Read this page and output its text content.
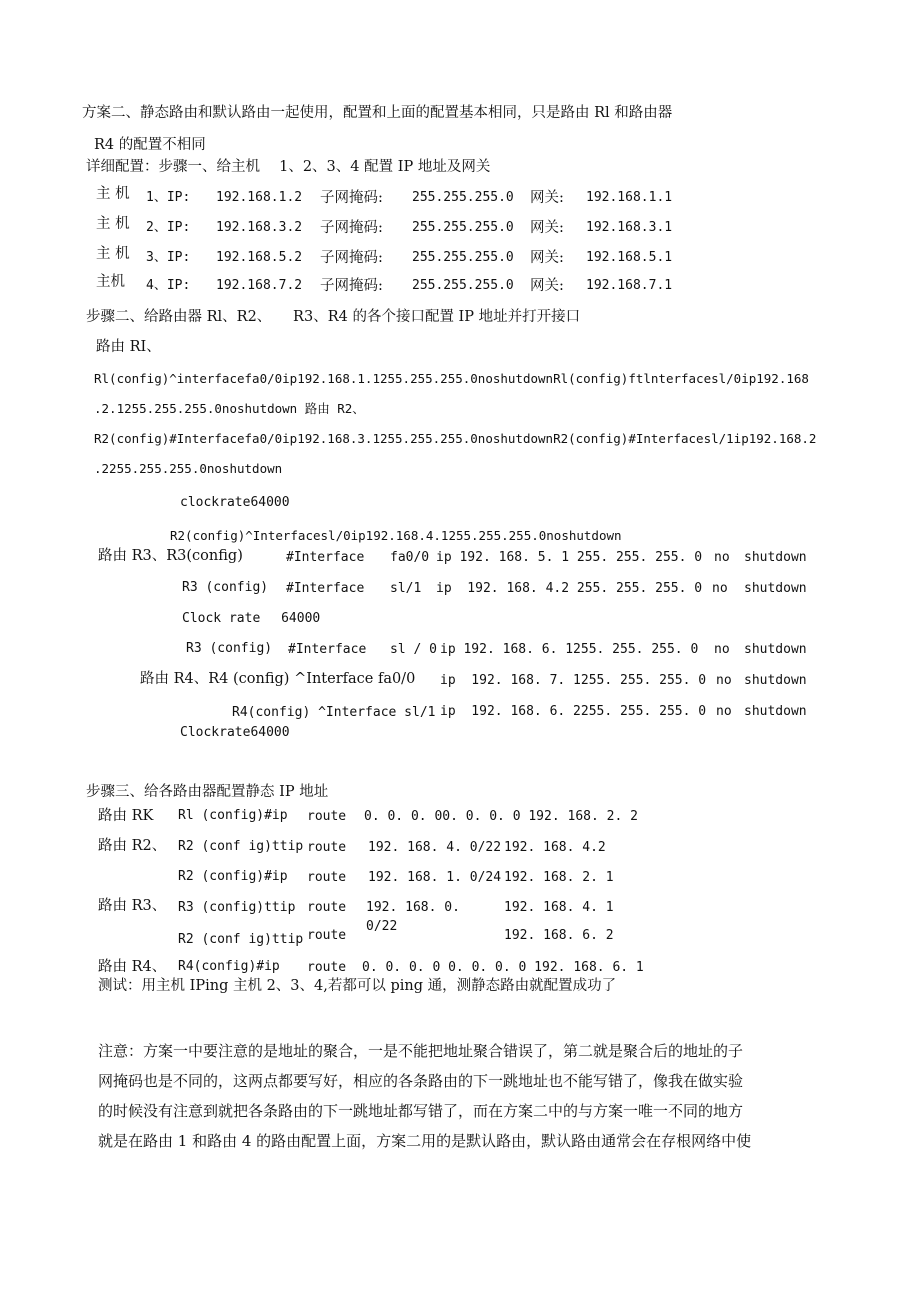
方案二、静态路由和默认路由一起使用，配置和上面的配置基本相同，只是路由 Rl 和路由器
R4 的配置不相同
详细配置：步骤一、给主机　 1、2、3、4 配置 IP 地址及网关
主 机 1、IP: 192.168.1.2 子网掩码: 255.255.255.0 网关: 192.168.1.1
主 机 2、IP: 192.168.3.2 子网掩码: 255.255.255.0 网关: 192.168.3.1
主 机 3、IP: 192.168.5.2 子网掩码: 255.255.255.0 网关: 192.168.5.1
主机 4、IP: 192.168.7.2 子网掩码: 255.255.255.0 网关: 192.168.7.1
步骤二、给路由器 Rl、R2、　　R3、R4 的各个接口配置 IP 地址并打开接口
路由 RI、
Rl(config)^interfacefa0/0ip192.168.1.1255.255.255.0noshutdownRl(config)ftlnterfacesl/0ip192.168
.2.1255.255.255.0noshutdown 路由 R2、
R2(config)#Interfacefa0/0ip192.168.3.1255.255.255.0noshutdownR2(config)#Interfacesl/1ip192.168.2
.2255.255.255.0noshutdown
clockrate64000
R2(config)^Interfacesl/0ip192.168.4.1255.255.255.0noshutdown
路由 R3、R3(config)	#Interface fa0/0 ip 192. 168. 5. 1 255. 255. 255. 0 no shutdown
R3 (config) #Interface sl/1 ip  192. 168. 4.2 255. 255. 255. 0 no shutdown
Clock rate　 64000
R3 (config) #Interface sl / 0 ip 192. 168. 6. 1255. 255. 255. 0 no shutdown
路由 R4、R4 (config) ^Interface fa0/0 ip  192. 168. 7. 1255. 255. 255. 0 no shutdown
R4(config) ^Interface sl/1 ip  192. 168. 6. 2255. 255. 255. 0 no shutdown
Clockrate64000
步骤三、给各路由器配置静态 IP 地址
路由 RK Rl (config)#ip route 0. 0. 0. 00. 0. 0. 0 192. 168. 2. 2
路由 R2、 R2 (conf ig)ttip route 192. 168. 4. 0/22 192. 168. 4.2
R2 (config)#ip route 192. 168. 1. 0/24 192. 168. 2. 1
路由 R3、 R3 (config)ttip route 192. 168. 0.	192. 168. 4. 1
R2 (conf ig)ttip route
0/22
192. 168. 6. 2
路由 R4、 R4(config)#ip route 0. 0. 0. 0 0. 0. 0. 0 192. 168. 6. 1
测试：用主机 IPing 主机 2、3、4,若都可以 ping 通，测静态路由就配置成功了
注意：方案一中要注意的是地址的聚合，一是不能把地址聚合错误了，第二就是聚合后的地址的子
网掩码也是不同的，这两点都要写好，相应的各条路由的下一跳地址也不能写错了，像我在做实验
的时候没有注意到就把各条路由的下一跳地址都写错了，而在方案二中的与方案一唯一不同的地方
就是在路由 1 和路由 4 的路由配置上面，方案二用的是默认路由，默认路由通常会在存根网络中使
